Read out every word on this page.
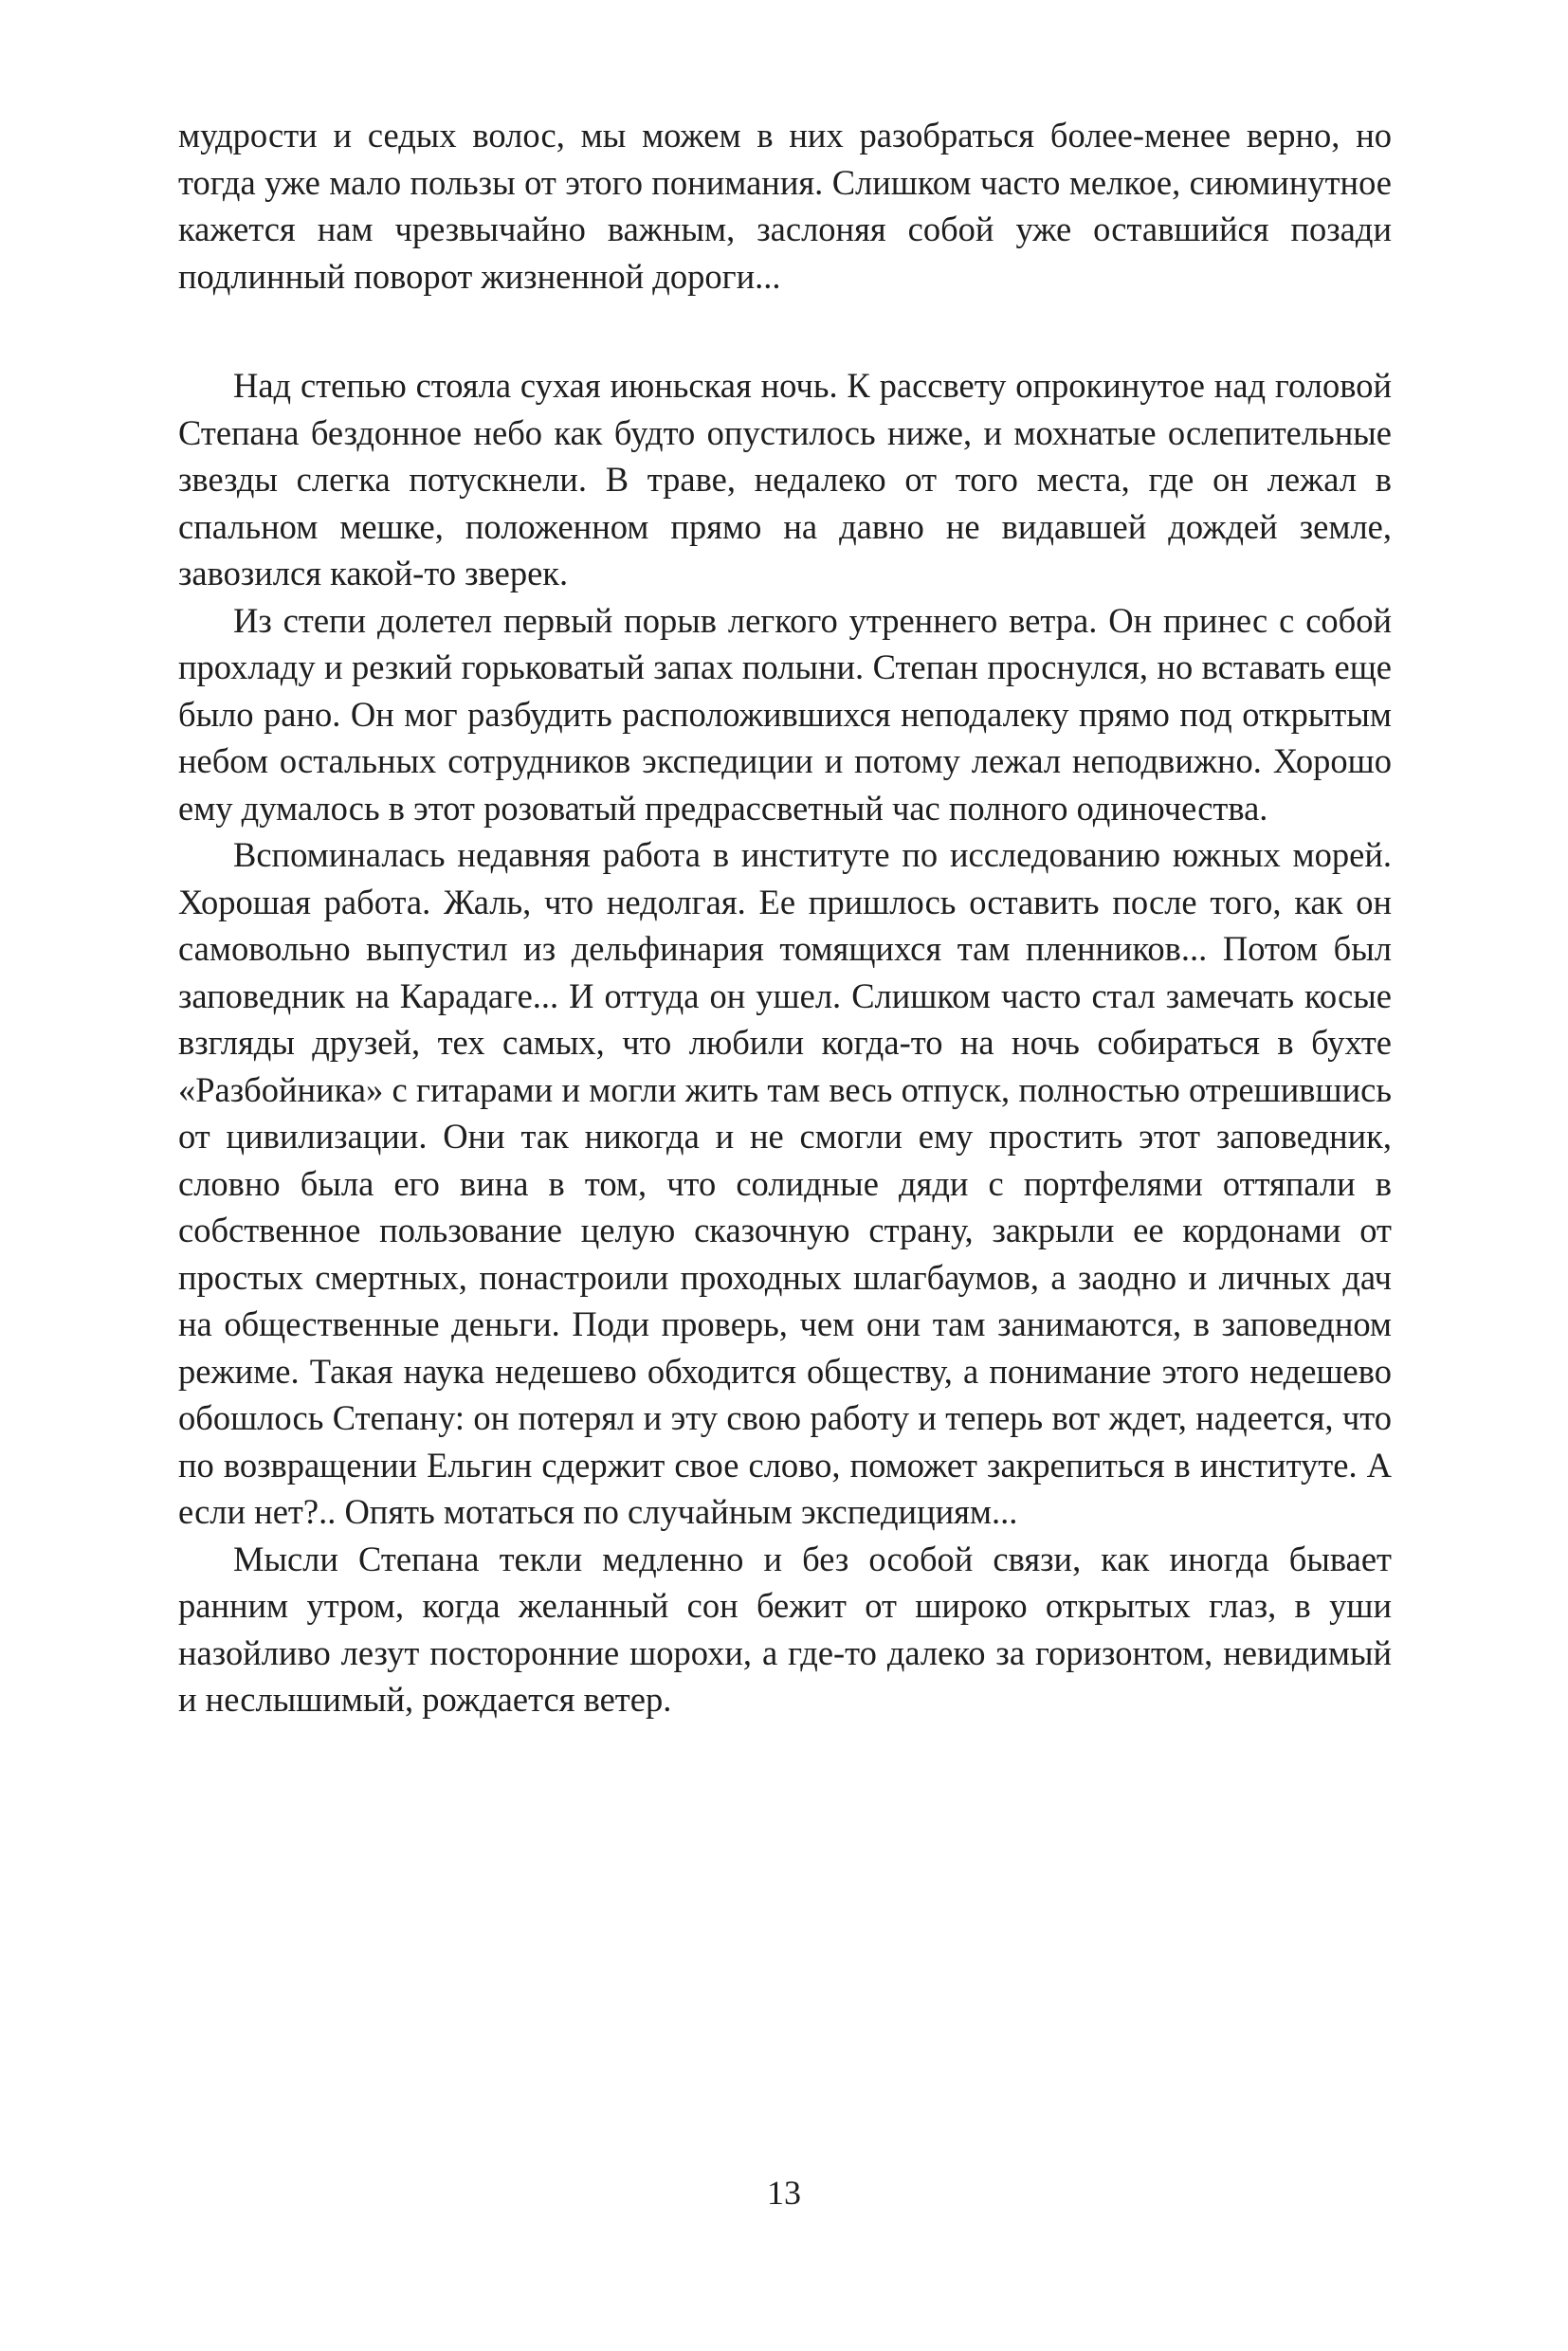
мудрости и седых волос, мы можем в них разобраться более-менее верно, но тогда уже мало пользы от этого понимания. Слишком часто мелкое, сиюминутное кажется нам чрезвычайно важным, заслоняя собой уже оставшийся позади подлинный поворот жизненной дороги...

Над степью стояла сухая июньская ночь. К рассвету опрокинутое над головой Степана бездонное небо как будто опустилось ниже, и мохнатые ослепительные звезды слегка потускнели. В траве, недалеко от того места, где он лежал в спальном мешке, положенном прямо на давно не видавшей дождей земле, завозился какой-то зверек.

Из степи долетел первый порыв легкого утреннего ветра. Он принес с собой прохладу и резкий горьковатый запах полыни. Степан проснулся, но вставать еще было рано. Он мог разбудить расположившихся неподалеку прямо под открытым небом остальных сотрудников экспедиции и потому лежал неподвижно. Хорошо ему думалось в этот розоватый предрассветный час полного одиночества.

Вспоминалась недавняя работа в институте по исследованию южных морей. Хорошая работа. Жаль, что недолгая. Ее пришлось оставить после того, как он самовольно выпустил из дельфинария томящихся там пленников... Потом был заповедник на Карадаге... И оттуда он ушел. Слишком часто стал замечать косые взгляды друзей, тех самых, что любили когда-то на ночь собираться в бухте «Разбойника» с гитарами и могли жить там весь отпуск, полностью отрешившись от цивилизации. Они так никогда и не смогли ему простить этот заповедник, словно была его вина в том, что солидные дяди с портфелями оттяпали в собственное пользование целую сказочную страну, закрыли ее кордонами от простых смертных, понастроили проходных шлагбаумов, а заодно и личных дач на общественные деньги. Поди проверь, чем они там занимаются, в заповедном режиме. Такая наука недешево обходится обществу, а понимание этого недешево обошлось Степану: он потерял и эту свою работу и теперь вот ждет, надеется, что по возвращении Ельгин сдержит свое слово, поможет закрепиться в институте. А если нет?.. Опять мотаться по случайным экспедициям...

Мысли Степана текли медленно и без особой связи, как иногда бывает ранним утром, когда желанный сон бежит от широко открытых глаз, в уши назойливо лезут посторонние шорохи, а где-то далеко за горизонтом, невидимый и неслышимый, рождается ветер.

13
